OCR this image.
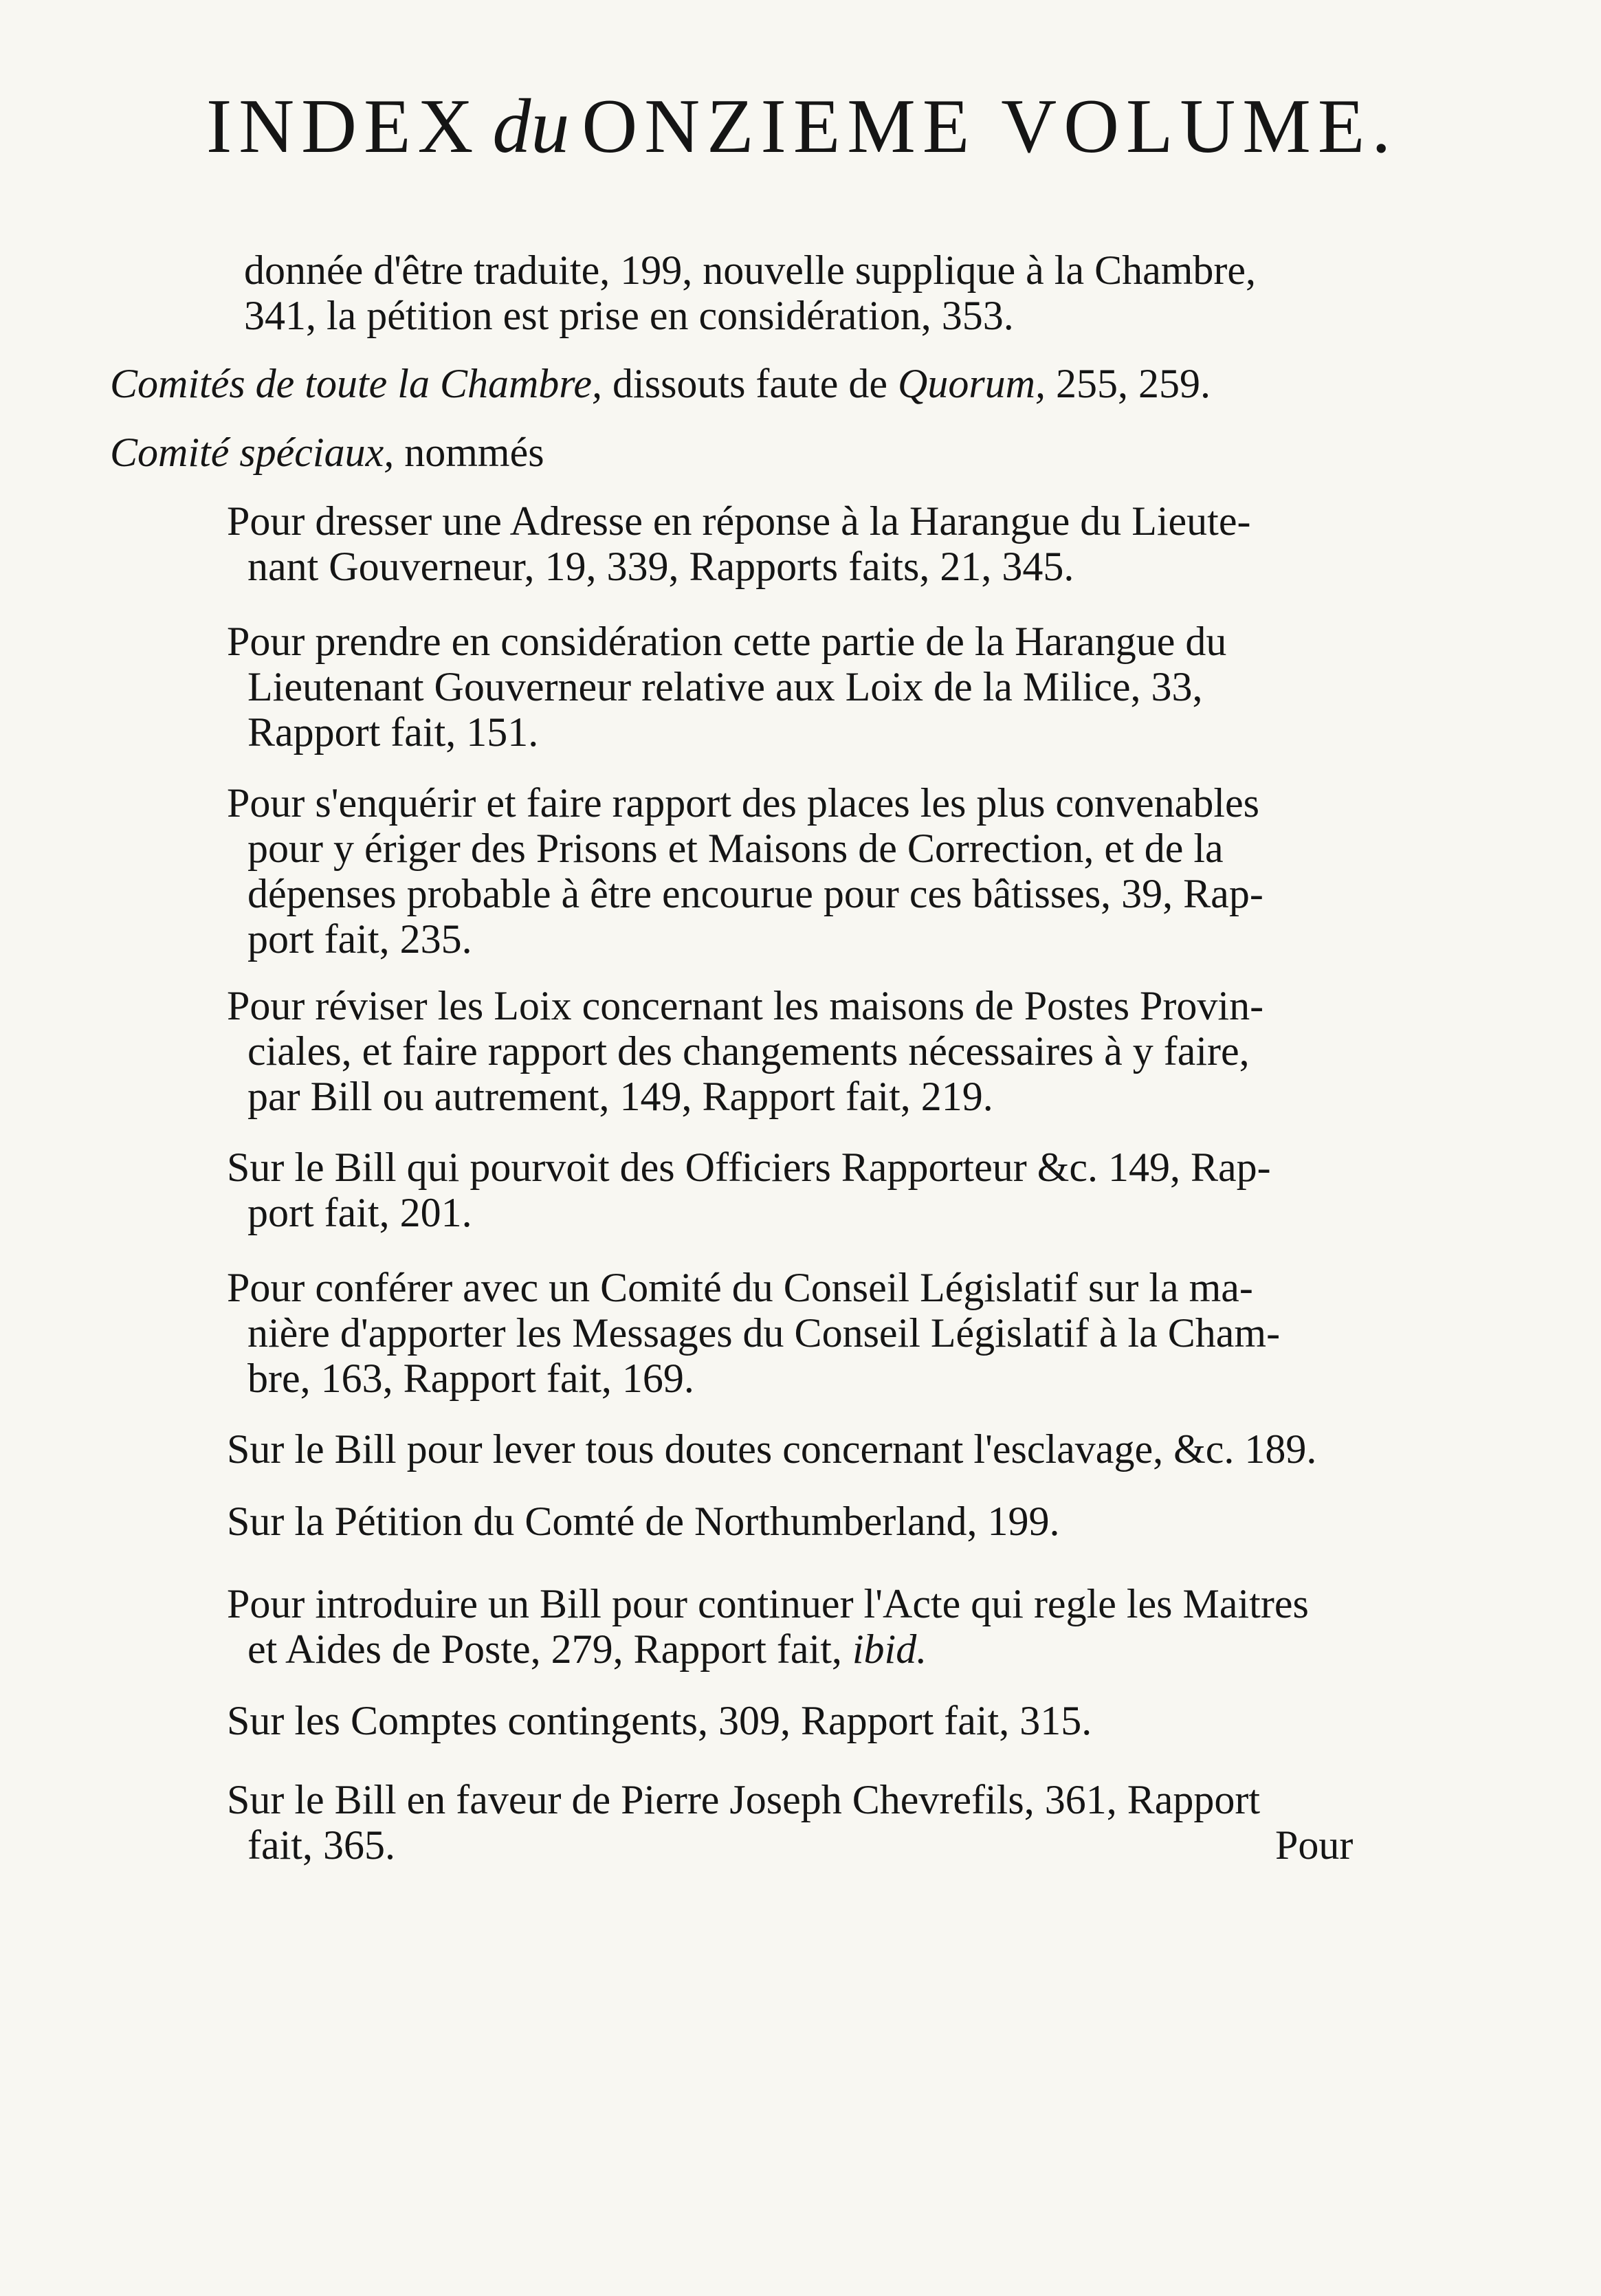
INDEX du ONZIEME VOLUME.
donnée d'être traduite, 199, nouvelle supplique à la Chambre,
341, la pétition est prise en considération, 353.
Comités de toute la Chambre, dissouts faute de Quorum, 255, 259.
Comité spéciaux, nommés
Pour dresser une Adresse en réponse à la Harangue du Lieute-
nant Gouverneur, 19, 339, Rapports faits, 21, 345.
Pour prendre en considération cette partie de la Harangue du
Lieutenant Gouverneur relative aux Loix de la Milice, 33,
Rapport fait, 151.
Pour s'enquérir et faire rapport des places les plus convenables
pour y ériger des Prisons et Maisons de Correction, et de la
dépenses probable à être encourue pour ces bâtisses, 39, Rap-
port fait, 235.
Pour réviser les Loix concernant les maisons de Postes Provin-
ciales, et faire rapport des changements nécessaires à y faire,
par Bill ou autrement, 149, Rapport fait, 219.
Sur le Bill qui pourvoit des Officiers Rapporteur &c. 149, Rap-
port fait, 201.
Pour conférer avec un Comité du Conseil Législatif sur la ma-
nière d'apporter les Messages du Conseil Législatif à la Cham-
bre, 163, Rapport fait, 169.
Sur le Bill pour lever tous doutes concernant l'esclavage, &c. 189.
Sur la Pétition du Comté de Northumberland, 199.
Pour introduire un Bill pour continuer l'Acte qui regle les Maitres
et Aides de Poste, 279, Rapport fait, ibid.
Sur les Comptes contingents, 309, Rapport fait, 315.
Sur le Bill en faveur de Pierre Joseph Chevrefils, 361, Rapport
fait, 365.	Pour
